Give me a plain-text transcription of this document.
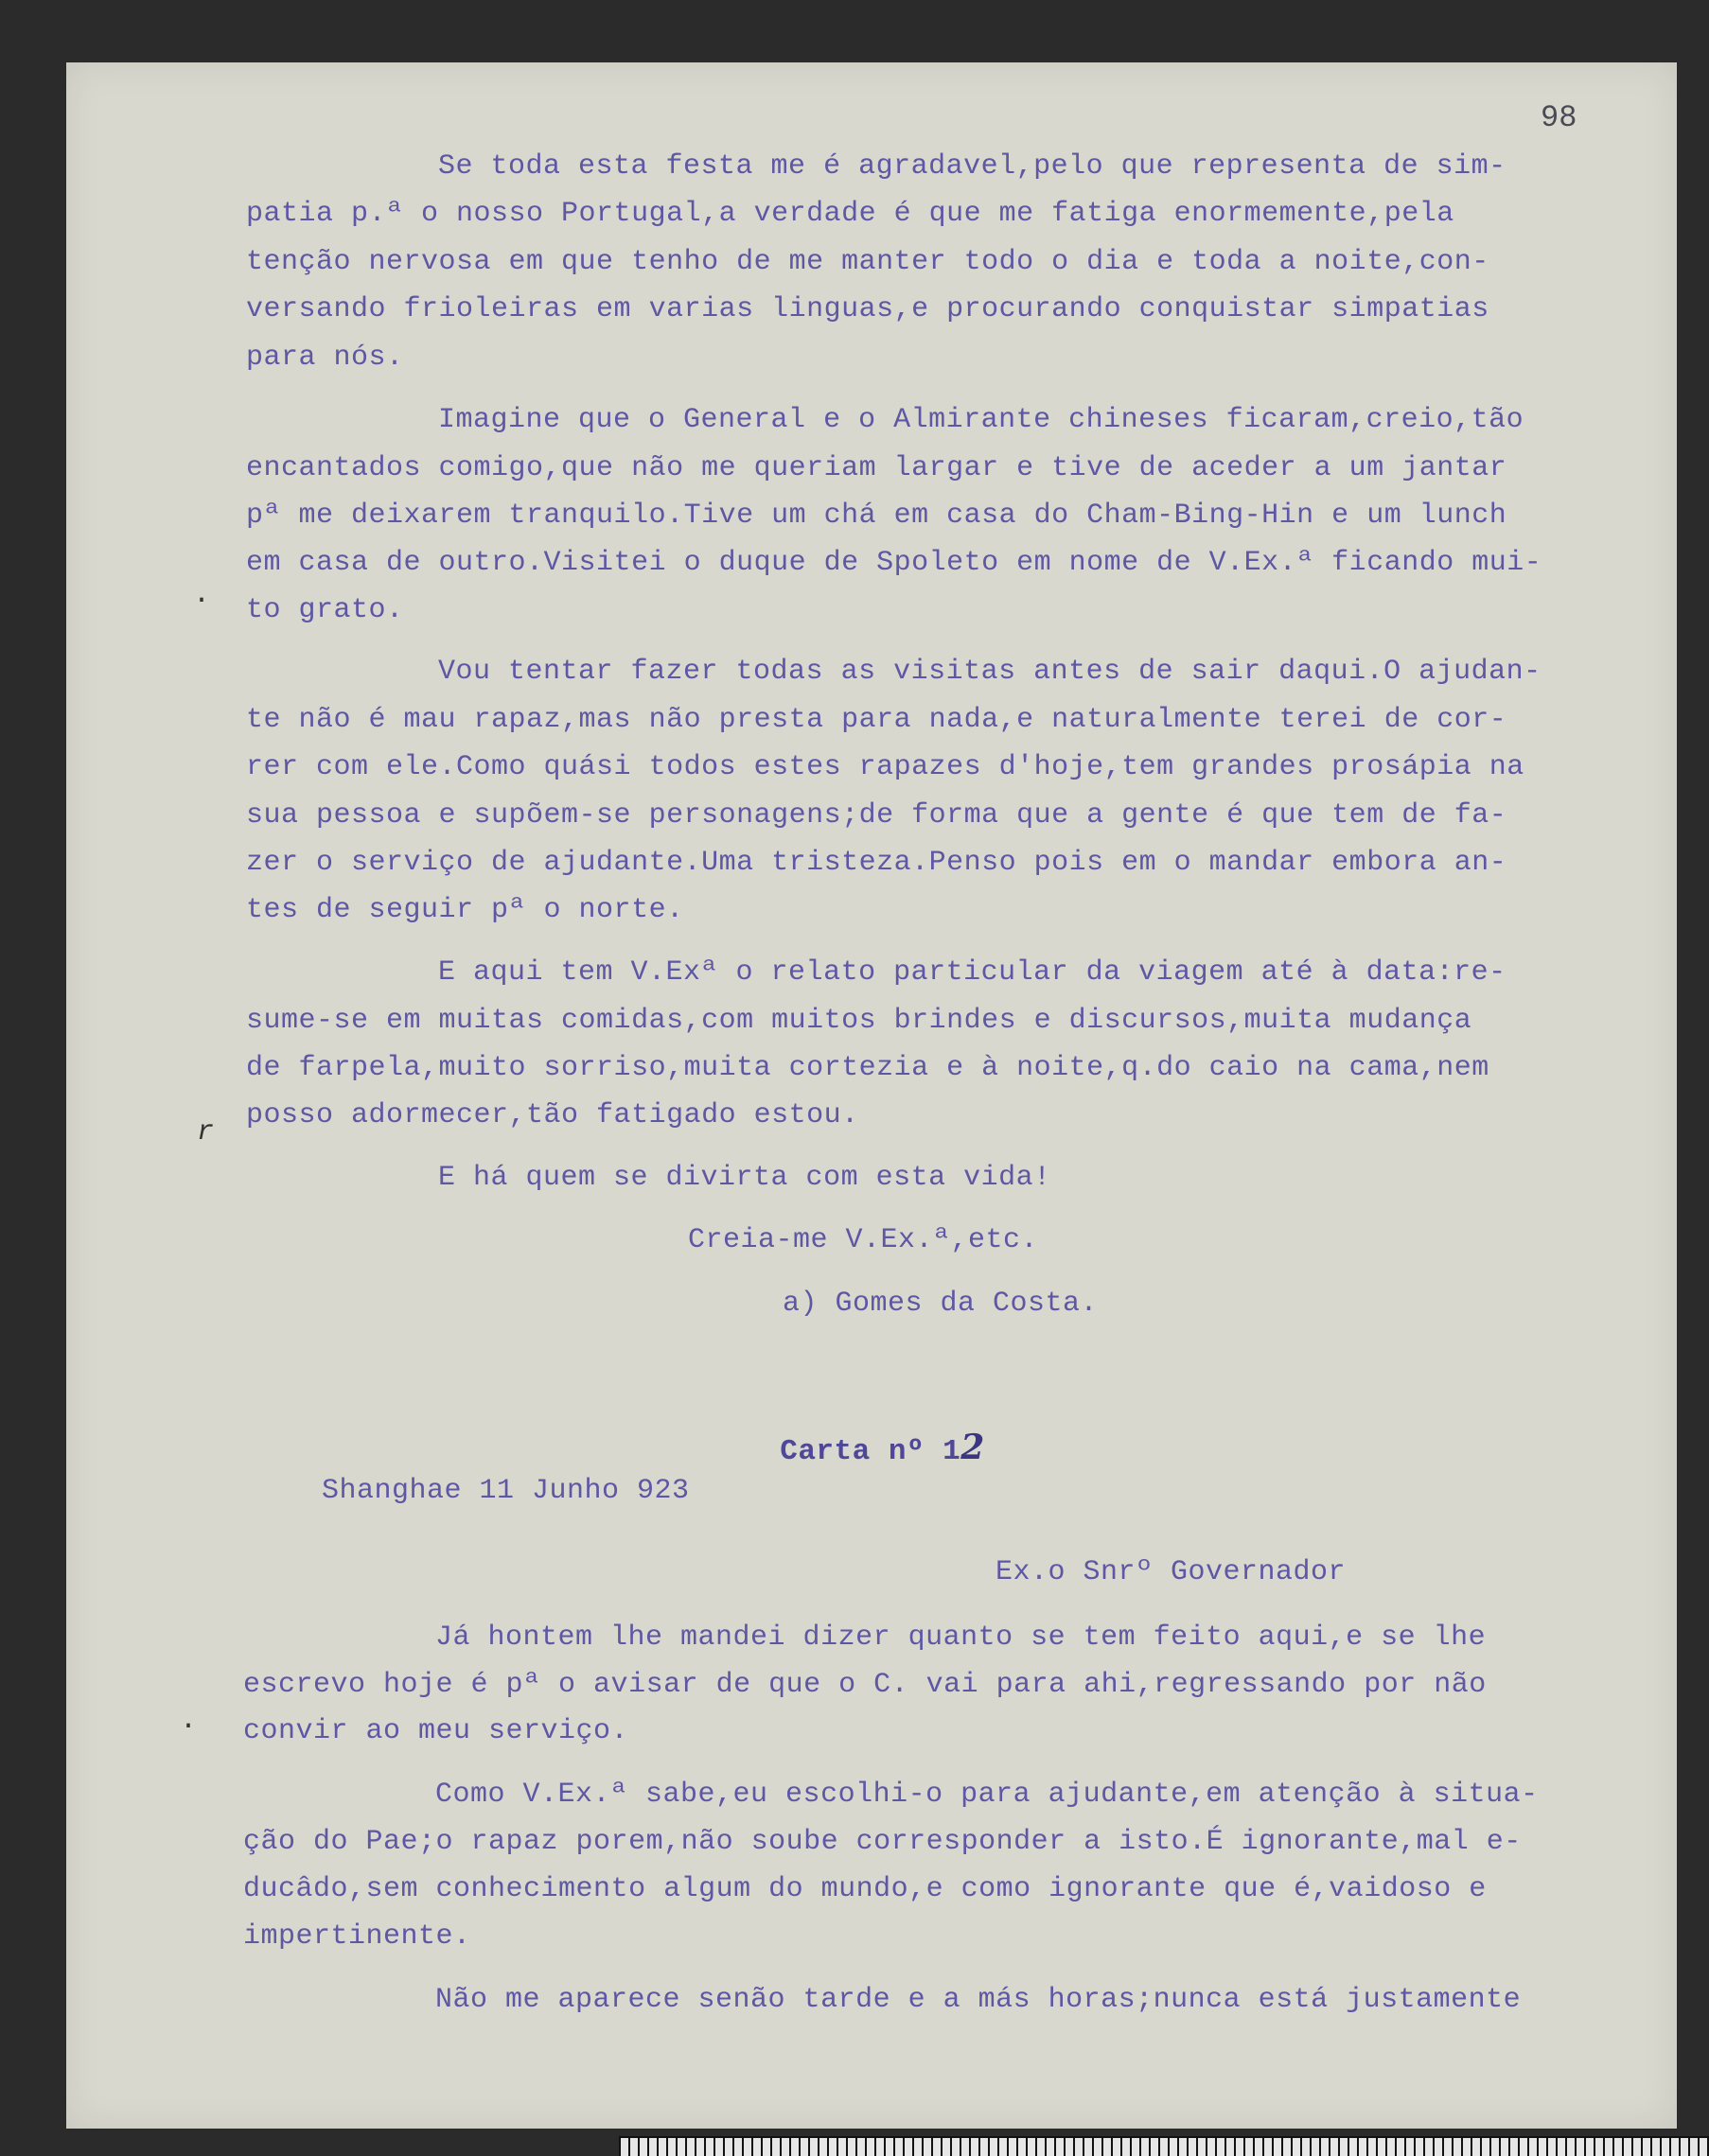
98
Se toda esta festa me é agradavel,pelo que representa de sim-
patia p.ª o nosso Portugal,a verdade é que me fatiga enormemente,pela
tenção nervosa em que tenho de me manter todo o dia e toda a noite,con-
versando frioleiras em varias linguas,e procurando conquistar simpatias
para nós.
Imagine que o General e o Almirante chineses ficaram,creio,tão
encantados comigo,que não me queriam largar e tive de aceder a um jantar
pª me deixarem tranquilo.Tive um chá em casa do Cham-Bing-Hin e um lunch
em casa de outro.Visitei o duque de Spoleto em nome de V.Ex.ª ficando mui-
to grato.
·
Vou tentar fazer todas as visitas antes de sair daqui.O ajudan-
te não é mau rapaz,mas não presta para nada,e naturalmente terei de cor-
rer com ele.Como quási todos estes rapazes d'hoje,tem grandes prosápia na
sua pessoa e supõem-se personagens;de forma que a gente é que tem de fa-
zer o serviço de ajudante.Uma tristeza.Penso pois em o mandar embora an-
tes de seguir pª o norte.
E aqui tem V.Exª o relato particular da viagem até à data:re-
sume-se em muitas comidas,com muitos brindes e discursos,muita mudança
de farpela,muito sorriso,muita cortezia e à noite,q.do caio na cama,nem
posso adormecer,tão fatigado estou.
r
E há quem se divirta com esta vida!
Creia-me V.Ex.ª,etc.
a) Gomes da Costa.

Carta nº 12

Shanghae 11 Junho 923
Ex.o Snrº Governador
Já hontem lhe mandei dizer quanto se tem feito aqui,e se lhe
escrevo hoje é pª o avisar de que o C. vai para ahi,regressando por não
convir ao meu serviço.
·
Como V.Ex.ª sabe,eu escolhi-o para ajudante,em atenção à situa-
ção do Pae;o rapaz porem,não soube corresponder a isto.É ignorante,mal e-
ducâdo,sem conhecimento algum do mundo,e como ignorante que é,vaidoso e
impertinente.
Não me aparece senão tarde e a más horas;nunca está justamente
